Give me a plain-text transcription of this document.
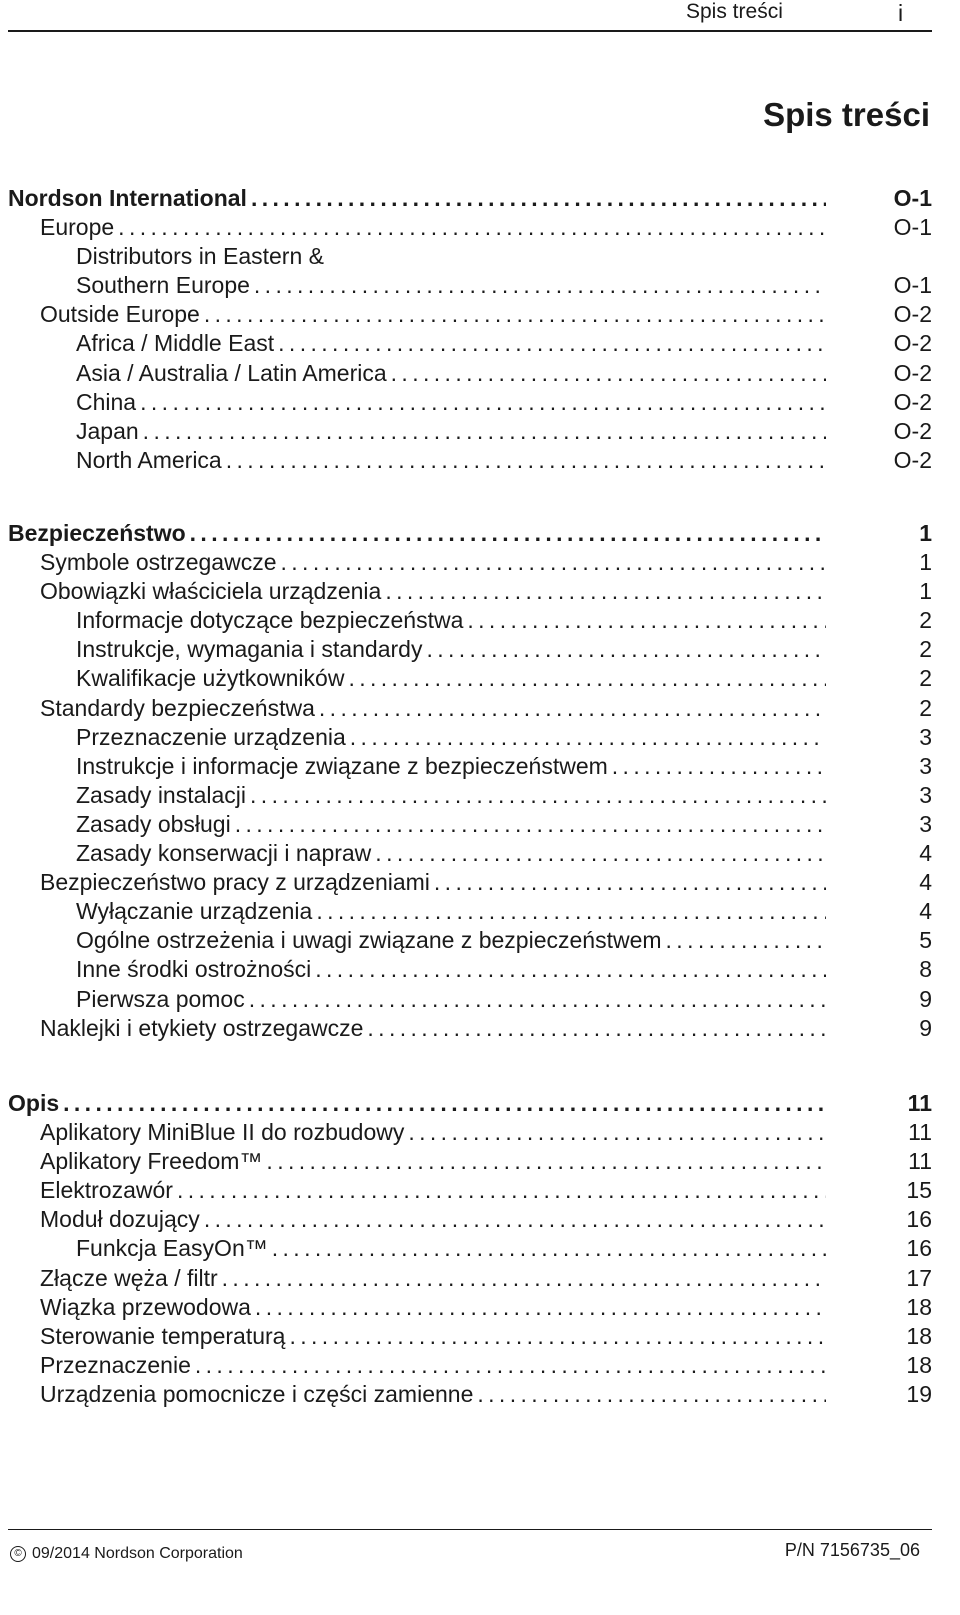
Spis treści	i
Spis treści
Nordson International . . .	O-1
Europe . . .	O-1
Distributors in Eastern &
Southern Europe . . .	O-1
Outside Europe . . .	O-2
Africa / Middle East . . .	O-2
Asia / Australia / Latin America . . .	O-2
China . . .	O-2
Japan . . .	O-2
North America . . .	O-2
Bezpieczeństwo . . .	1
Symbole ostrzegawcze . . .	1
Obowiązki właściciela urządzenia . . .	1
Informacje dotyczące bezpieczeństwa . . .	2
Instrukcje, wymagania i standardy . . .	2
Kwalifikacje użytkowników . . .	2
Standardy bezpieczeństwa . . .	2
Przeznaczenie urządzenia . . .	3
Instrukcje i informacje związane z bezpieczeństwem . . .	3
Zasady instalacji . . .	3
Zasady obsługi . . .	3
Zasady konserwacji i napraw . . .	4
Bezpieczeństwo pracy z urządzeniami . . .	4
Wyłączanie urządzenia . . .	4
Ogólne ostrzeżenia i uwagi związane z bezpieczeństwem . . .	5
Inne środki ostrożności . . .	8
Pierwsza pomoc . . .	9
Naklejki i etykiety ostrzegawcze . . .	9
Opis . . .	11
Aplikatory MiniBlue II do rozbudowy . . .	11
Aplikatory Freedom™ . . .	11
Elektrozawór . . .	15
Moduł dozujący . . .	16
Funkcja EasyOn™ . . .	16
Złącze węża / filtr . . .	17
Wiązka przewodowa . . .	18
Sterowanie temperaturą . . .	18
Przeznaczenie . . .	18
Urządzenia pomocnicze i części zamienne . . .	19
© 09/2014 Nordson Corporation	P/N 7156735_06
